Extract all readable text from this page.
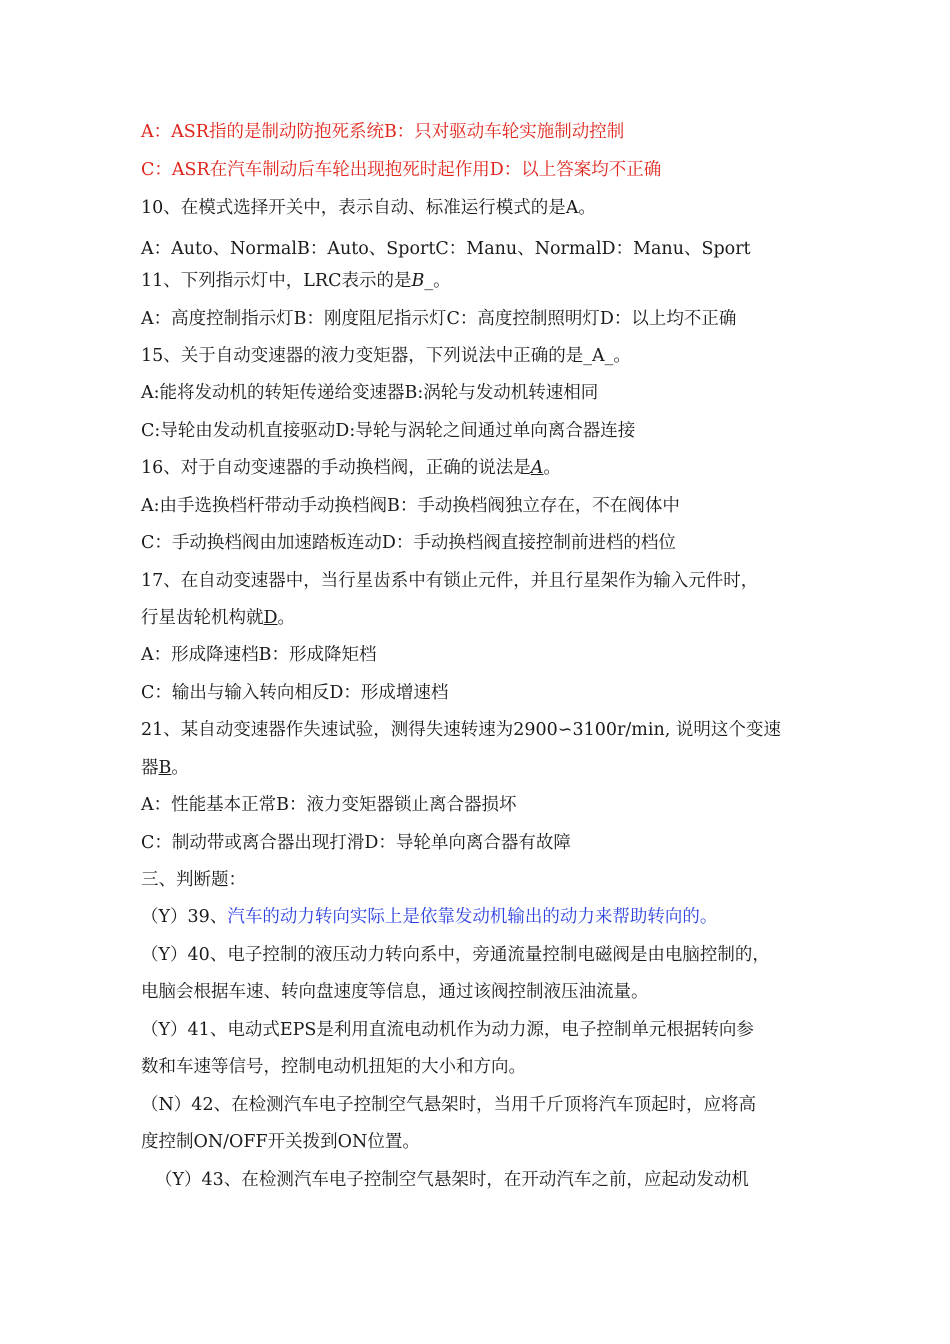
A：ASR指的是制动防抱死系统B：只对驱动车轮实施制动控制
C：ASR在汽车制动后车轮出现抱死时起作用D：以上答案均不正确
10、在模式选择开关中，表示自动、标准运行模式的是A。
A：Auto、NormalB：Auto、SportC：Manu、NormalD：Manu、Sport
11、下列指示灯中，LRC表示的是B_。
A：高度控制指示灯B：刚度阻尼指示灯C：高度控制照明灯D：以上均不正确
15、关于自动变速器的液力变矩器，下列说法中正确的是_A_。
A:能将发动机的转矩传递给变速器B:涡轮与发动机转速相同
C:导轮由发动机直接驱动D:导轮与涡轮之间通过单向离合器连接
16、对于自动变速器的手动换档阀，正确的说法是A。
A:由手选换档杆带动手动换档阀B：手动换档阀独立存在，不在阀体中
C：手动换档阀由加速踏板连动D：手动换档阀直接控制前进档的档位
17、在自动变速器中，当行星齿系中有锁止元件，并且行星架作为输入元件时，
行星齿轮机构就D。
A：形成降速档B：形成降矩档
C：输出与输入转向相反D：形成增速档
21、某自动变速器作失速试验，测得失速转速为2900∽3100r/min, 说明这个变速
器B。
A：性能基本正常B：液力变矩器锁止离合器损坏
C：制动带或离合器出现打滑D：导轮单向离合器有故障
三、判断题：
（Y）39、汽车的动力转向实际上是依靠发动机输出的动力来帮助转向的。
（Y）40、电子控制的液压动力转向系中，旁通流量控制电磁阀是由电脑控制的，
电脑会根据车速、转向盘速度等信息，通过该阀控制液压油流量。
（Y）41、电动式EPS是利用直流电动机作为动力源，电子控制单元根据转向参
数和车速等信号，控制电动机扭矩的大小和方向。
（N）42、在检测汽车电子控制空气悬架时，当用千斤顶将汽车顶起时，应将高
度控制ON/OFF开关拨到ON位置。
（Y）43、在检测汽车电子控制空气悬架时，在开动汽车之前，应起动发动机
